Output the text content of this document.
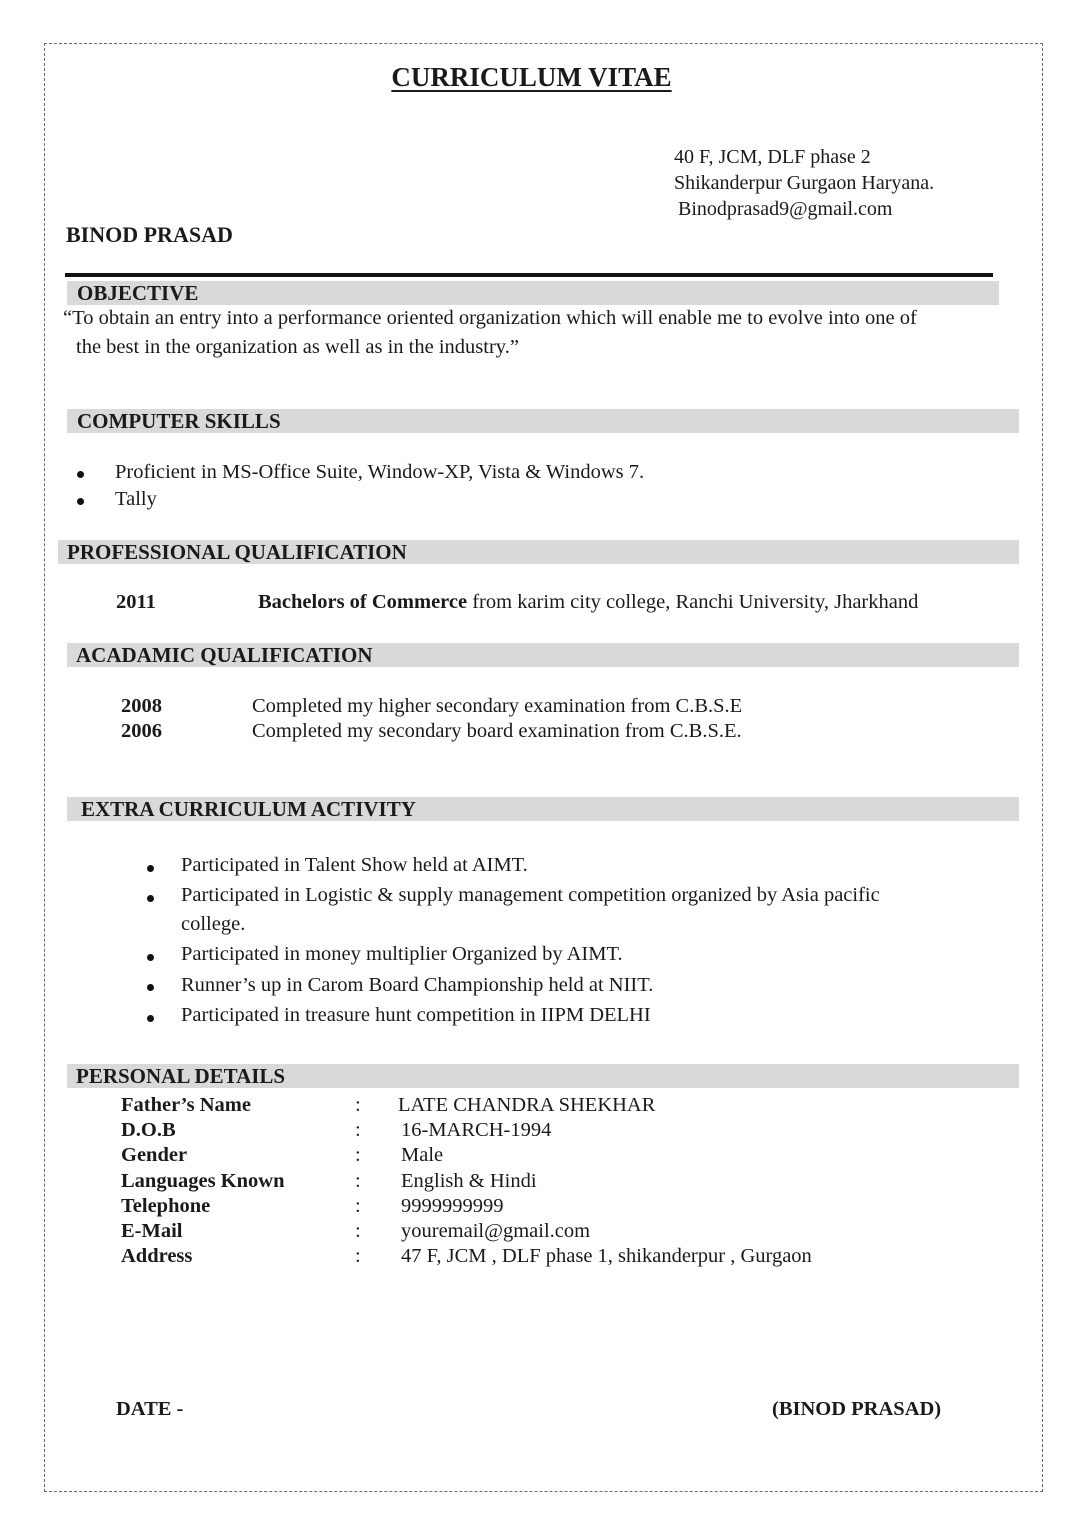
CURRICULUM VITAE
40 F, JCM, DLF phase 2
Shikanderpur Gurgaon Haryana.
Binodprasad9@gmail.com
BINOD PRASAD
OBJECTIVE
“To obtain an entry into a performance oriented organization which will enable me to evolve into one of
the best in the organization as well as in the industry.”
COMPUTER SKILLS
Proficient in MS-Office Suite, Window-XP, Vista & Windows 7.
Tally
PROFESSIONAL QUALIFICATION
2011	Bachelors of Commerce from karim city college, Ranchi University, Jharkhand
ACADAMIC QUALIFICATION
2008	Completed my higher secondary examination from C.B.S.E
2006	Completed my secondary board examination from C.B.S.E.
EXTRA CURRICULUM ACTIVITY
Participated in Talent Show held at AIMT.
Participated in Logistic & supply management competition organized by Asia pacific
college.
Participated in money multiplier Organized by AIMT.
Runner’s up in Carom Board Championship held at NIIT.
Participated in treasure hunt competition in IIPM DELHI
PERSONAL DETAILS
Father’s Name	: LATE CHANDRA SHEKHAR
D.O.B	: 16-MARCH-1994
Gender	: Male
Languages Known	: English & Hindi
Telephone	: 9999999999
E-Mail	: youremail@gmail.com
Address	: 47 F, JCM , DLF phase 1, shikanderpur , Gurgaon
DATE -	(BINOD PRASAD)
